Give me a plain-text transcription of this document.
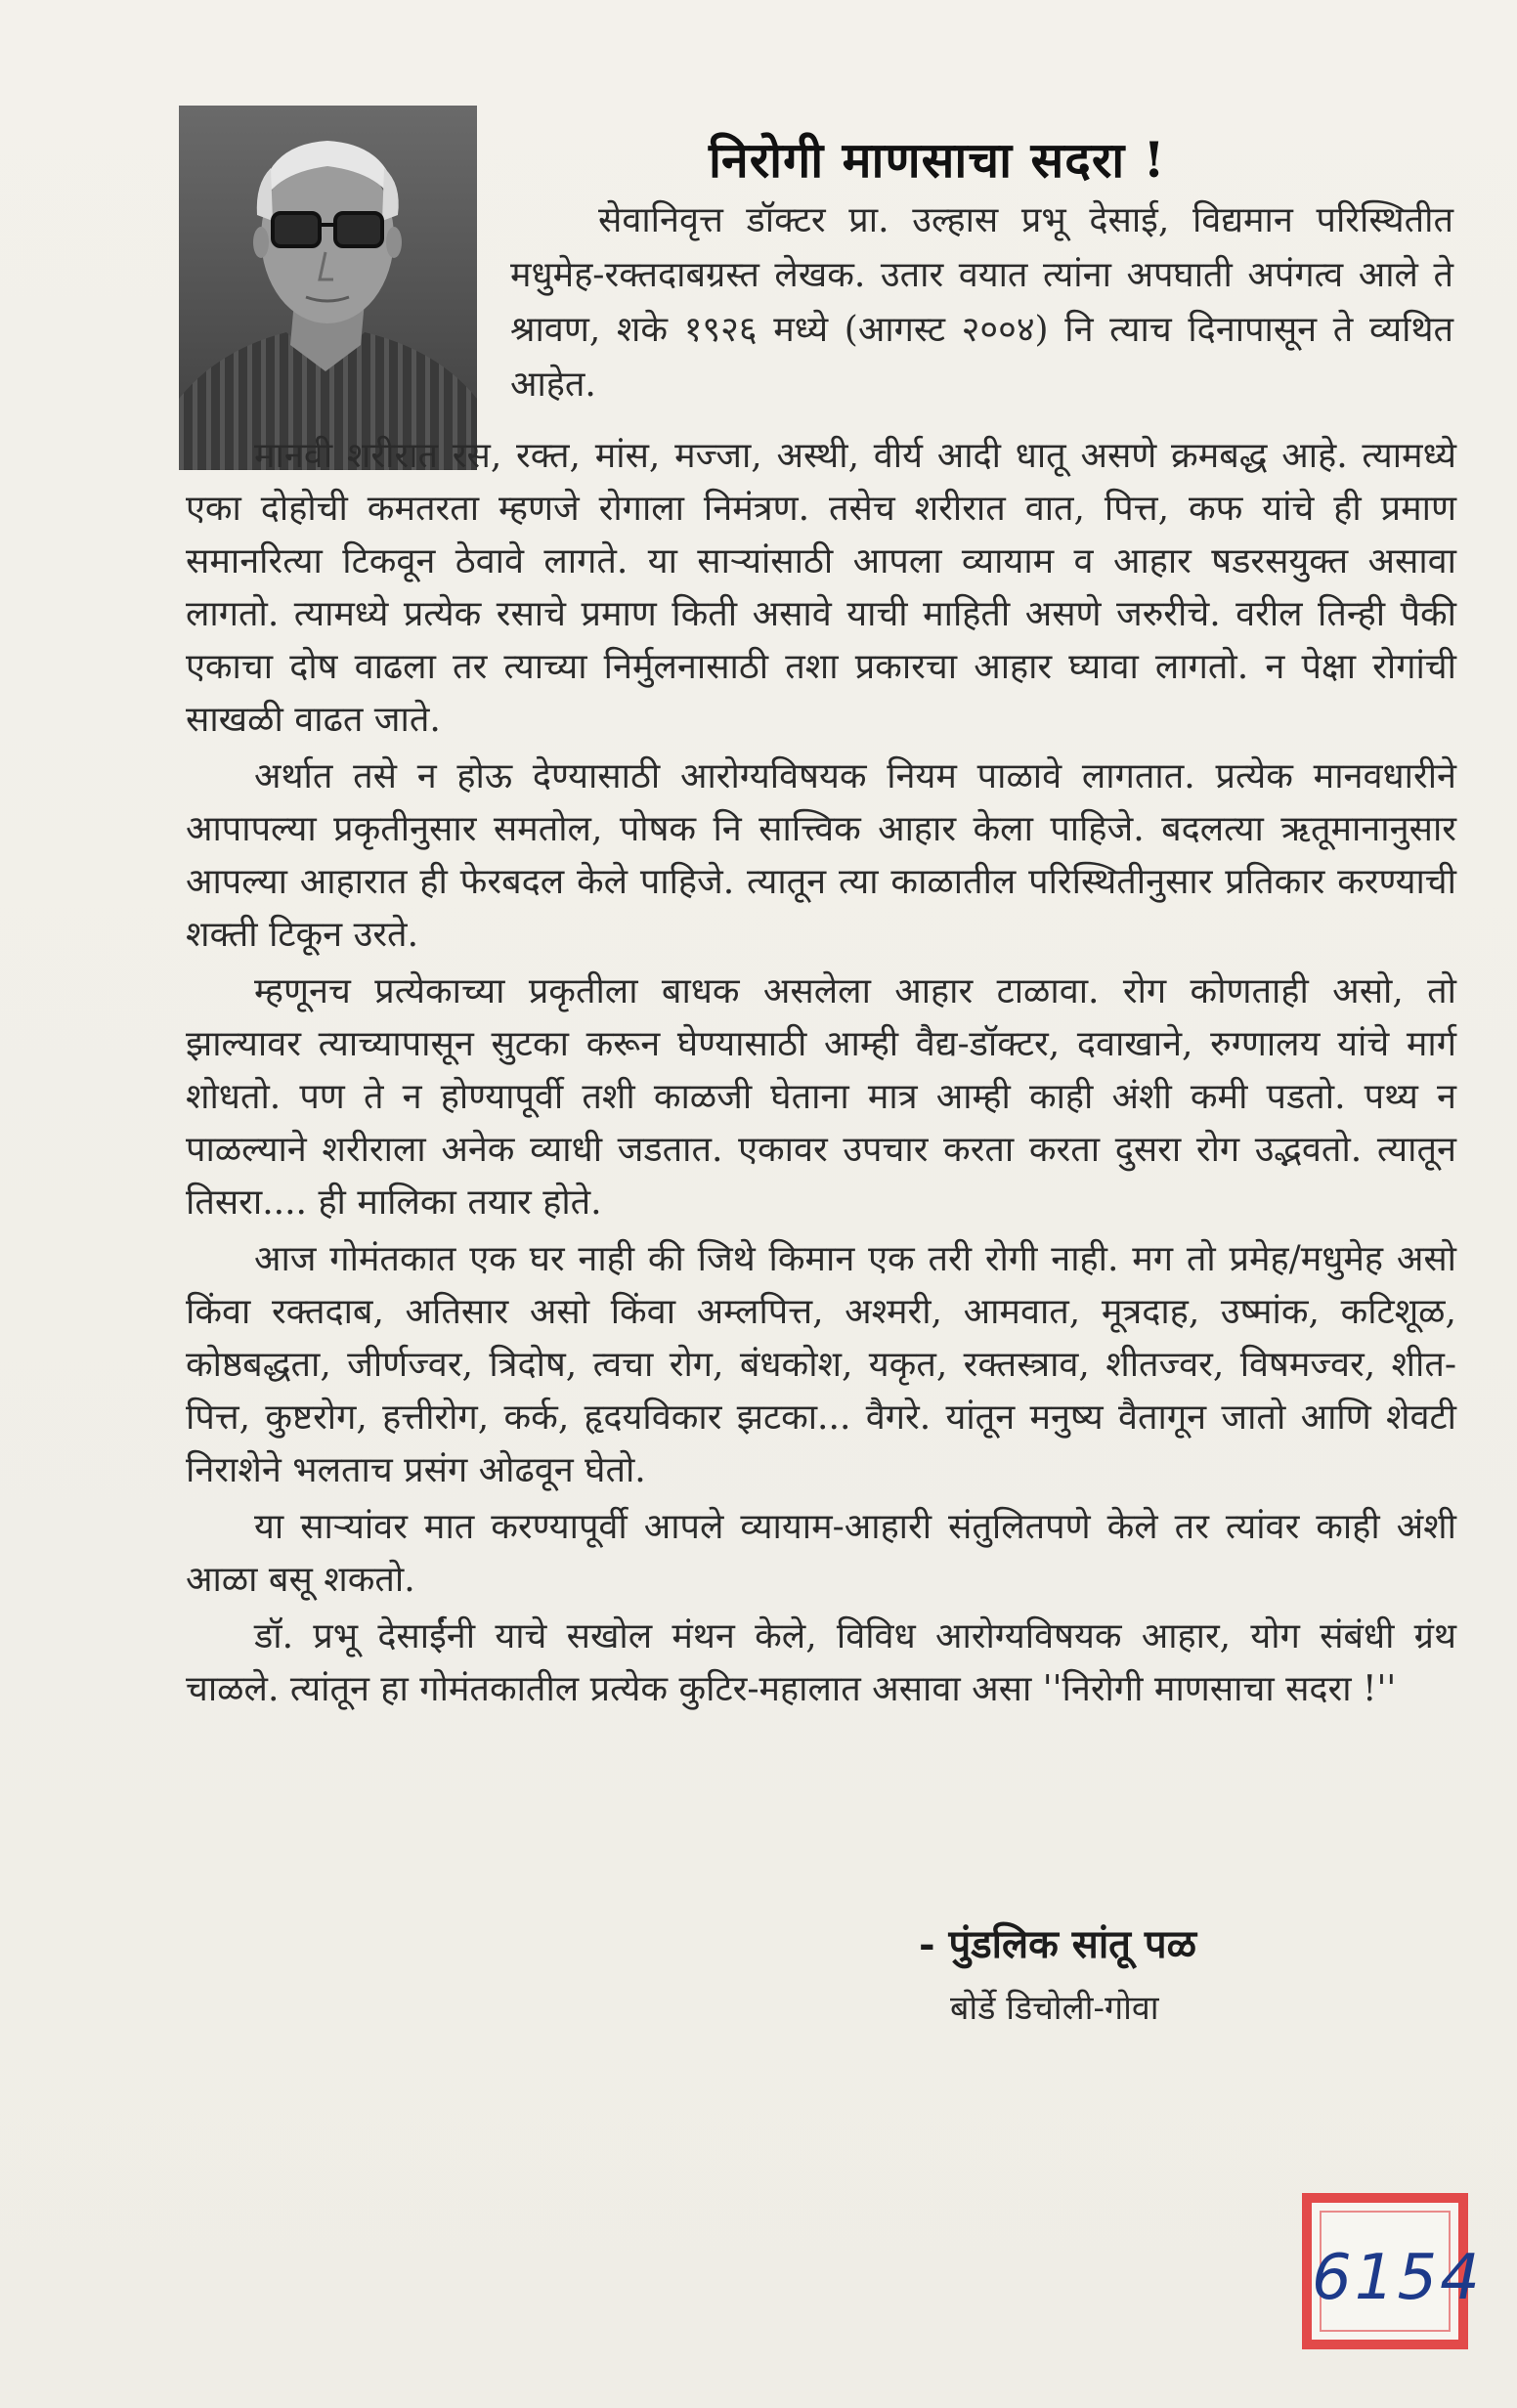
निरोगी माणसाचा सदरा !
सेवानिवृत्त डॉक्टर प्रा. उल्हास प्रभू देसाई, विद्यमान परिस्थितीत मधुमेह-रक्तदाबग्रस्त लेखक. उतार वयात त्यांना अपघाती अपंगत्व आले ते श्रावण, शके १९२६ मध्ये (आगस्ट २००४) नि त्याच दिनापासून ते व्यथित आहेत.

मानवी शरीरात रस, रक्त, मांस, मज्जा, अस्थी, वीर्य आदी धातू असणे क्रमबद्ध आहे. त्यामध्ये एका दोहोची कमतरता म्हणजे रोगाला निमंत्रण. तसेच शरीरात वात, पित्त, कफ यांचे ही प्रमाण समानरित्या टिकवून ठेवावे लागते. या साऱ्यांसाठी आपला व्यायाम व आहार षडरसयुक्त असावा लागतो. त्यामध्ये प्रत्येक रसाचे प्रमाण किती असावे याची माहिती असणे जरुरीचे. वरील तिन्ही पैकी एकाचा दोष वाढला तर त्याच्या निर्मुलनासाठी तशा प्रकारचा आहार घ्यावा लागतो. न पेक्षा रोगांची साखळी वाढत जाते.

अर्थात तसे न होऊ देण्यासाठी आरोग्यविषयक नियम पाळावे लागतात. प्रत्येक मानवधारीने आपापल्या प्रकृतीनुसार समतोल, पोषक नि सात्त्विक आहार केला पाहिजे. बदलत्या ऋतूमानानुसार आपल्या आहारात ही फेरबदल केले पाहिजे. त्यातून त्या काळातील परिस्थितीनुसार प्रतिकार करण्याची शक्ती टिकून उरते.

म्हणूनच प्रत्येकाच्या प्रकृतीला बाधक असलेला आहार टाळावा. रोग कोणताही असो, तो झाल्यावर त्याच्यापासून सुटका करून घेण्यासाठी आम्ही वैद्य-डॉक्टर, दवाखाने, रुग्णालय यांचे मार्ग शोधतो. पण ते न होण्यापूर्वी तशी काळजी घेताना मात्र आम्ही काही अंशी कमी पडतो. पथ्य न पाळल्याने शरीराला अनेक व्याधी जडतात. एकावर उपचार करता करता दुसरा रोग उद्भवतो. त्यातून तिसरा.... ही मालिका तयार होते.

आज गोमंतकात एक घर नाही की जिथे किमान एक तरी रोगी नाही. मग तो प्रमेह/मधुमेह असो किंवा रक्तदाब, अतिसार असो किंवा अम्लपित्त, अश्मरी, आमवात, मूत्रदाह, उष्मांक, कटिशूळ, कोष्ठबद्धता, जीर्णज्वर, त्रिदोष, त्वचा रोग, बंधकोश, यकृत, रक्तस्त्राव, शीतज्वर, विषमज्वर, शीत-पित्त, कुष्टरोग, हत्तीरोग, कर्क, हृदयविकार झटका... वैगरे. यांतून मनुष्य वैतागून जातो आणि शेवटी निराशेने भलताच प्रसंग ओढवून घेतो.

या साऱ्यांवर मात करण्यापूर्वी आपले व्यायाम-आहारी संतुलितपणे केले तर त्यांवर काही अंशी आळा बसू शकतो.

डॉ. प्रभू देसाईंनी याचे सखोल मंथन केले, विविध आरोग्यविषयक आहार, योग संबंधी ग्रंथ चाळले. त्यांतून हा गोमंतकातील प्रत्येक कुटिर-महालात असावा असा ''निरोगी माणसाचा सदरा !''

- पुंडलिक सांतू पळ
बोर्डे डिचोली-गोवा
6154
